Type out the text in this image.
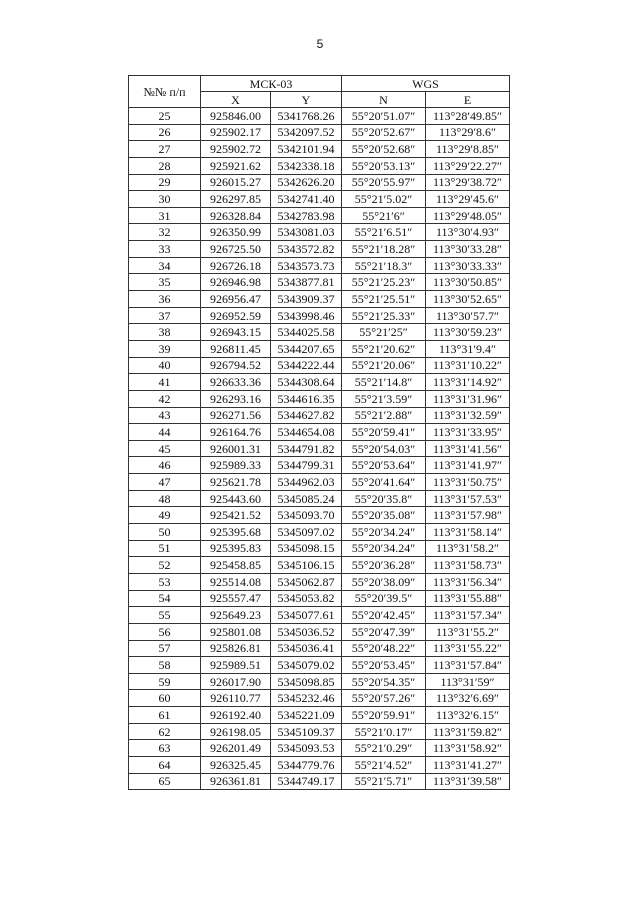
5
№№ п/п	МСК-03		WGS	
	X	Y	N	E
25	925846.00	5341768.26	55°20′51.07″	113°28′49.85″
26	925902.17	5342097.52	55°20′52.67″	113°29′8.6″
27	925902.72	5342101.94	55°20′52.68″	113°29′8.85″
28	925921.62	5342338.18	55°20′53.13″	113°29′22.27″
29	926015.27	5342626.20	55°20′55.97″	113°29′38.72″
30	926297.85	5342741.40	55°21′5.02″	113°29′45.6″
31	926328.84	5342783.98	55°21′6″	113°29′48.05″
32	926350.99	5343081.03	55°21′6.51″	113°30′4.93″
33	926725.50	5343572.82	55°21′18.28″	113°30′33.28″
34	926726.18	5343573.73	55°21′18.3″	113°30′33.33″
35	926946.98	5343877.81	55°21′25.23″	113°30′50.85″
36	926956.47	5343909.37	55°21′25.51″	113°30′52.65″
37	926952.59	5343998.46	55°21′25.33″	113°30′57.7″
38	926943.15	5344025.58	55°21′25″	113°30′59.23″
39	926811.45	5344207.65	55°21′20.62″	113°31′9.4″
40	926794.52	5344222.44	55°21′20.06″	113°31′10.22″
41	926633.36	5344308.64	55°21′14.8″	113°31′14.92″
42	926293.16	5344616.35	55°21′3.59″	113°31′31.96″
43	926271.56	5344627.82	55°21′2.88″	113°31′32.59″
44	926164.76	5344654.08	55°20′59.41″	113°31′33.95″
45	926001.31	5344791.82	55°20′54.03″	113°31′41.56″
46	925989.33	5344799.31	55°20′53.64″	113°31′41.97″
47	925621.78	5344962.03	55°20′41.64″	113°31′50.75″
48	925443.60	5345085.24	55°20′35.8″	113°31′57.53″
49	925421.52	5345093.70	55°20′35.08″	113°31′57.98″
50	925395.68	5345097.02	55°20′34.24″	113°31′58.14″
51	925395.83	5345098.15	55°20′34.24″	113°31′58.2″
52	925458.85	5345106.15	55°20′36.28″	113°31′58.73″
53	925514.08	5345062.87	55°20′38.09″	113°31′56.34″
54	925557.47	5345053.82	55°20′39.5″	113°31′55.88″
55	925649.23	5345077.61	55°20′42.45″	113°31′57.34″
56	925801.08	5345036.52	55°20′47.39″	113°31′55.2″
57	925826.81	5345036.41	55°20′48.22″	113°31′55.22″
58	925989.51	5345079.02	55°20′53.45″	113°31′57.84″
59	926017.90	5345098.85	55°20′54.35″	113°31′59″
60	926110.77	5345232.46	55°20′57.26″	113°32′6.69″
61	926192.40	5345221.09	55°20′59.91″	113°32′6.15″
62	926198.05	5345109.37	55°21′0.17″	113°31′59.82″
63	926201.49	5345093.53	55°21′0.29″	113°31′58.92″
64	926325.45	5344779.76	55°21′4.52″	113°31′41.27″
65	926361.81	5344749.17	55°21′5.71″	113°31′39.58″
